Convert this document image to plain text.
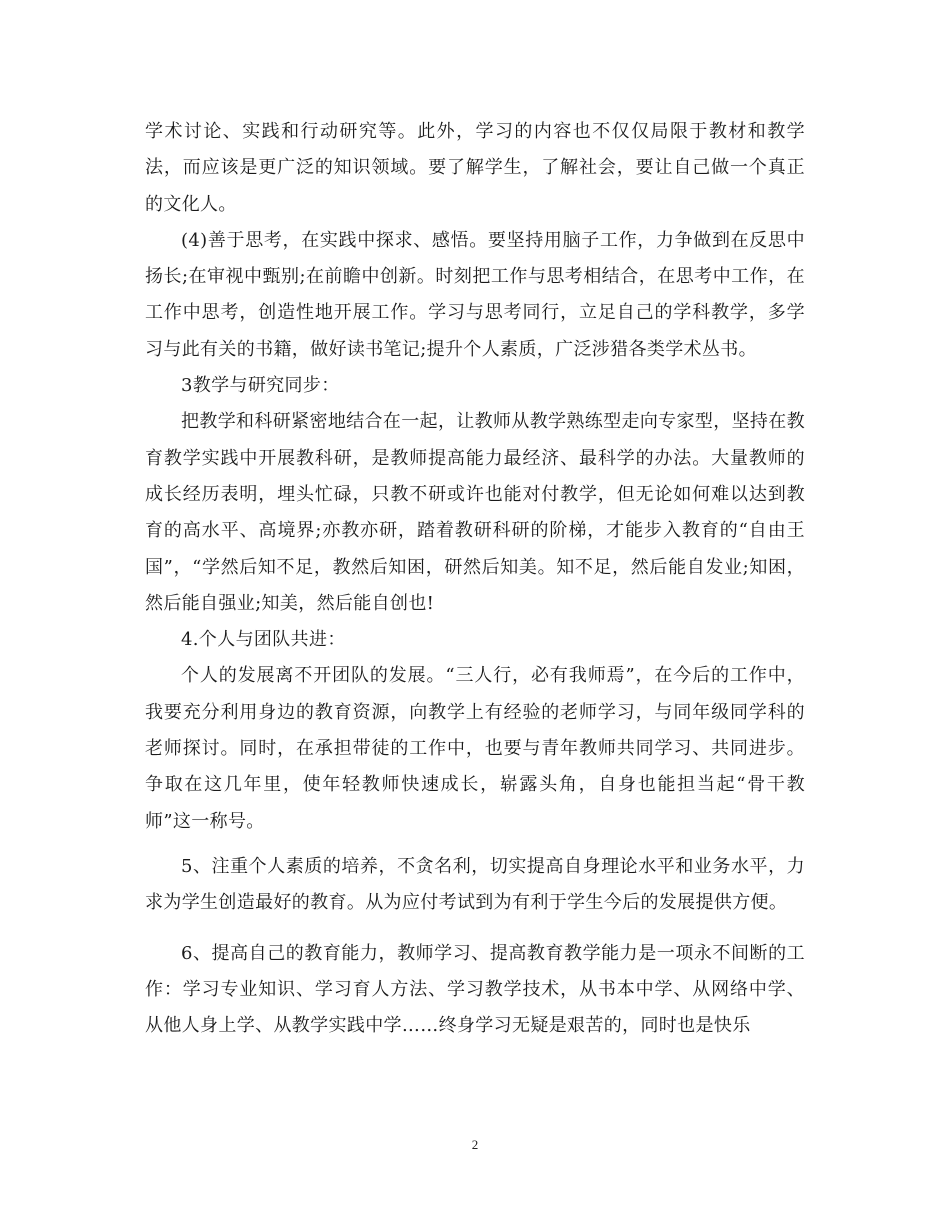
学术讨论、实践和行动研究等。此外，学习的内容也不仅仅局限于教材和教学法，而应该是更广泛的知识领域。要了解学生，了解社会，要让自己做一个真正的文化人。

(4)善于思考，在实践中探求、感悟。要坚持用脑子工作，力争做到在反思中扬长;在审视中甄别;在前瞻中创新。时刻把工作与思考相结合，在思考中工作，在工作中思考，创造性地开展工作。学习与思考同行，立足自己的学科教学，多学习与此有关的书籍，做好读书笔记;提升个人素质，广泛涉猎各类学术丛书。

3教学与研究同步：

把教学和科研紧密地结合在一起，让教师从教学熟练型走向专家型，坚持在教育教学实践中开展教科研，是教师提高能力最经济、最科学的办法。大量教师的成长经历表明，埋头忙碌，只教不研或许也能对付教学，但无论如何难以达到教育的高水平、高境界;亦教亦研，踏着教研科研的阶梯，才能步入教育的“自由王国”，“学然后知不足，教然后知困，研然后知美。知不足，然后能自发业;知困，然后能自强业;知美，然后能自创也!

4.个人与团队共进：

个人的发展离不开团队的发展。“三人行，必有我师焉”，在今后的工作中，我要充分利用身边的教育资源，向教学上有经验的老师学习，与同年级同学科的老师探讨。同时，在承担带徒的工作中，也要与青年教师共同学习、共同进步。争取在这几年里，使年轻教师快速成长，崭露头角，自身也能担当起“骨干教师”这一称号。

5、注重个人素质的培养，不贪名利，切实提高自身理论水平和业务水平，力求为学生创造最好的教育。从为应付考试到为有利于学生今后的发展提供方便。

6、提高自己的教育能力，教师学习、提高教育教学能力是一项永不间断的工作：学习专业知识、学习育人方法、学习教学技术，从书本中学、从网络中学、从他人身上学、从教学实践中学……终身学习无疑是艰苦的，同时也是快乐

2
